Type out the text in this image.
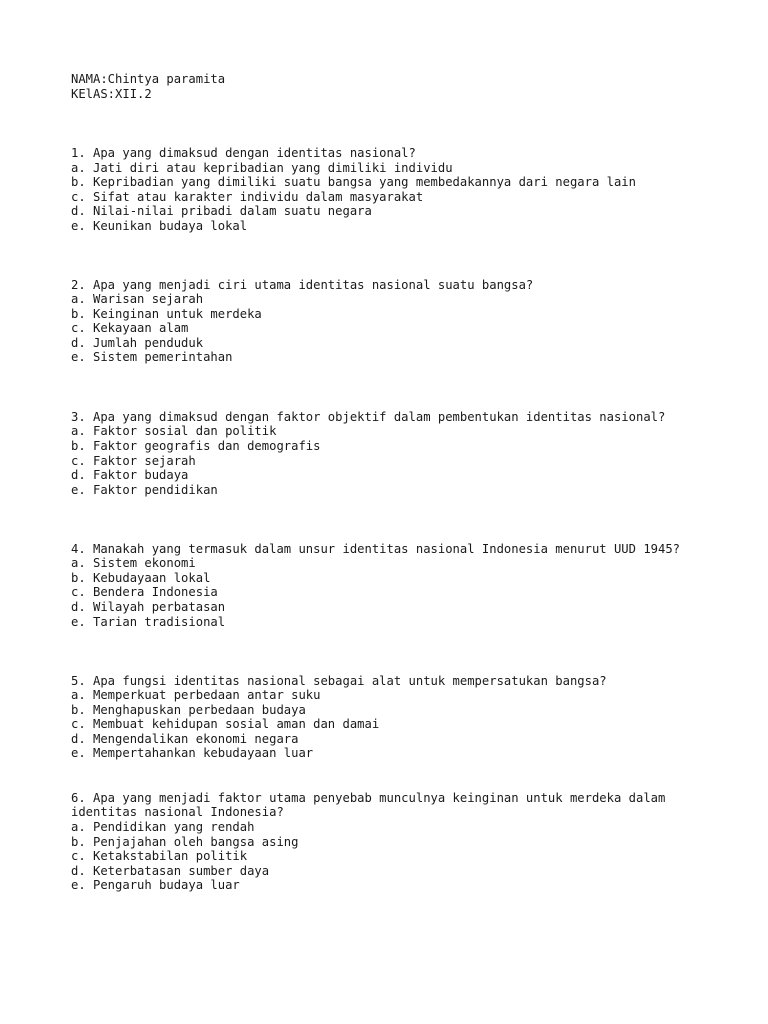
NAMA:Chintya paramita
KElAS:XII.2
1. Apa yang dimaksud dengan identitas nasional?
a. Jati diri atau kepribadian yang dimiliki individu
b. Kepribadian yang dimiliki suatu bangsa yang membedakannya dari negara lain
c. Sifat atau karakter individu dalam masyarakat
d. Nilai-nilai pribadi dalam suatu negara
e. Keunikan budaya lokal
2. Apa yang menjadi ciri utama identitas nasional suatu bangsa?
a. Warisan sejarah
b. Keinginan untuk merdeka
c. Kekayaan alam
d. Jumlah penduduk
e. Sistem pemerintahan
3. Apa yang dimaksud dengan faktor objektif dalam pembentukan identitas nasional?
a. Faktor sosial dan politik
b. Faktor geografis dan demografis
c. Faktor sejarah
d. Faktor budaya
e. Faktor pendidikan
4. Manakah yang termasuk dalam unsur identitas nasional Indonesia menurut UUD 1945?
a. Sistem ekonomi
b. Kebudayaan lokal
c. Bendera Indonesia
d. Wilayah perbatasan
e. Tarian tradisional
5. Apa fungsi identitas nasional sebagai alat untuk mempersatukan bangsa?
a. Memperkuat perbedaan antar suku
b. Menghapuskan perbedaan budaya
c. Membuat kehidupan sosial aman dan damai
d. Mengendalikan ekonomi negara
e. Mempertahankan kebudayaan luar
6. Apa yang menjadi faktor utama penyebab munculnya keinginan untuk merdeka dalam
identitas nasional Indonesia?
a. Pendidikan yang rendah
b. Penjajahan oleh bangsa asing
c. Ketakstabilan politik
d. Keterbatasan sumber daya
e. Pengaruh budaya luar
